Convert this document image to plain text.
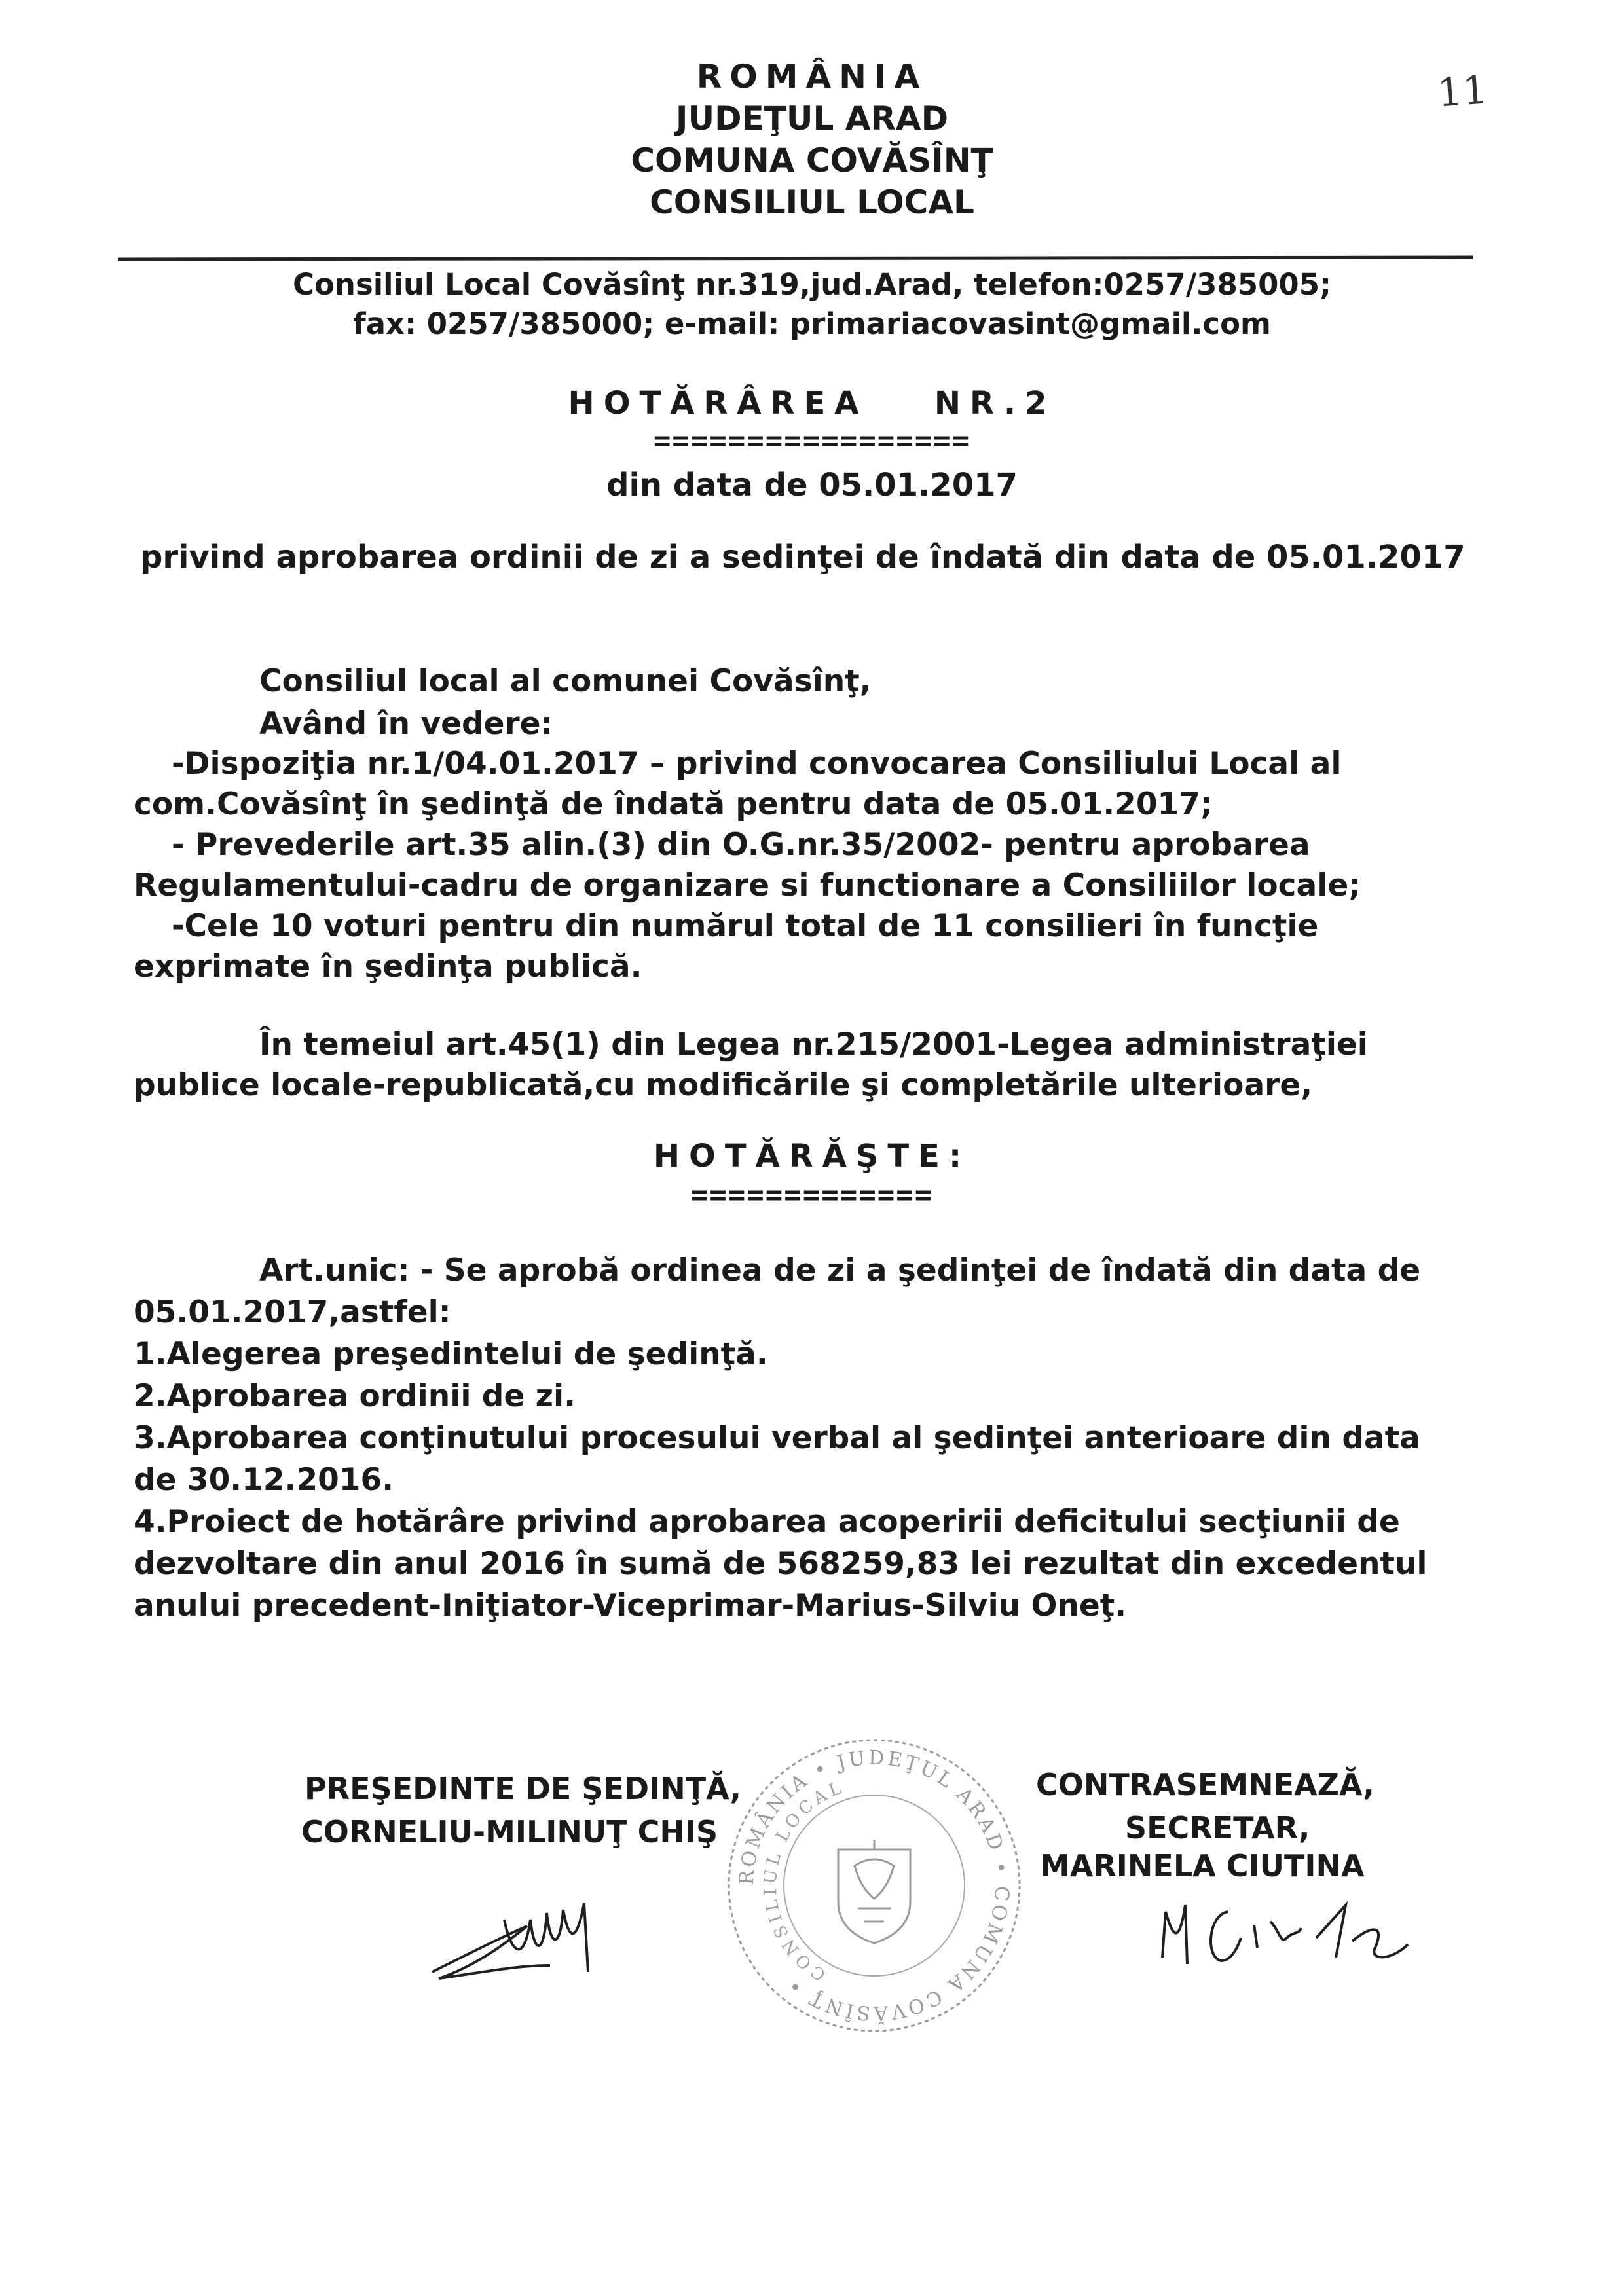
11
ROMÂNIA
JUDEŢUL ARAD
COMUNA COVĂSÎNŢ
CONSILIUL LOCAL
Consiliul Local Covăsînţ nr.319,jud.Arad, telefon:0257/385005;
fax: 0257/385000; e-mail: primariacovasint@gmail.com
HOTĂRÂREA NR.2
=================
din data de 05.01.2017
privind aprobarea ordinii de zi a sedinţei de îndată din data de 05.01.2017
Consiliul local al comunei Covăsînţ,
Având în vedere:
-Dispoziţia nr.1/04.01.2017 – privind convocarea Consiliului Local al
com.Covăsînţ în şedinţă de îndată pentru data de 05.01.2017;
- Prevederile art.35 alin.(3) din O.G.nr.35/2002- pentru aprobarea
Regulamentului-cadru de organizare si functionare a Consiliilor locale;
-Cele 10 voturi pentru din numărul total de 11 consilieri în funcţie
exprimate în şedinţa publică.
În temeiul art.45(1) din Legea nr.215/2001-Legea administraţiei
publice locale-republicată,cu modificările şi completările ulterioare,
HOTĂRĂŞTE:
=============
Art.unic: - Se aprobă ordinea de zi a şedinţei de îndată din data de
05.01.2017,astfel:
1.Alegerea preşedintelui de şedinţă.
2.Aprobarea ordinii de zi.
3.Aprobarea conţinutului procesului verbal al şedinţei anterioare din data
de 30.12.2016.
4.Proiect de hotărâre privind aprobarea acoperirii deficitului secţiunii de
dezvoltare din anul 2016 în sumă de 568259,83 lei rezultat din excedentul
anului precedent-Iniţiator-Viceprimar-Marius-Silviu Oneţ.
PREŞEDINTE DE ŞEDINŢĂ,
CORNELIU-MILINUŢ CHIŞ
CONTRASEMNEAZĂ,
SECRETAR,
MARINELA CIUTINA
ROMÂNIA • JUDEŢUL ARAD • COMUNA COVĂSÎNŢ •
CONSILIUL LOCAL
